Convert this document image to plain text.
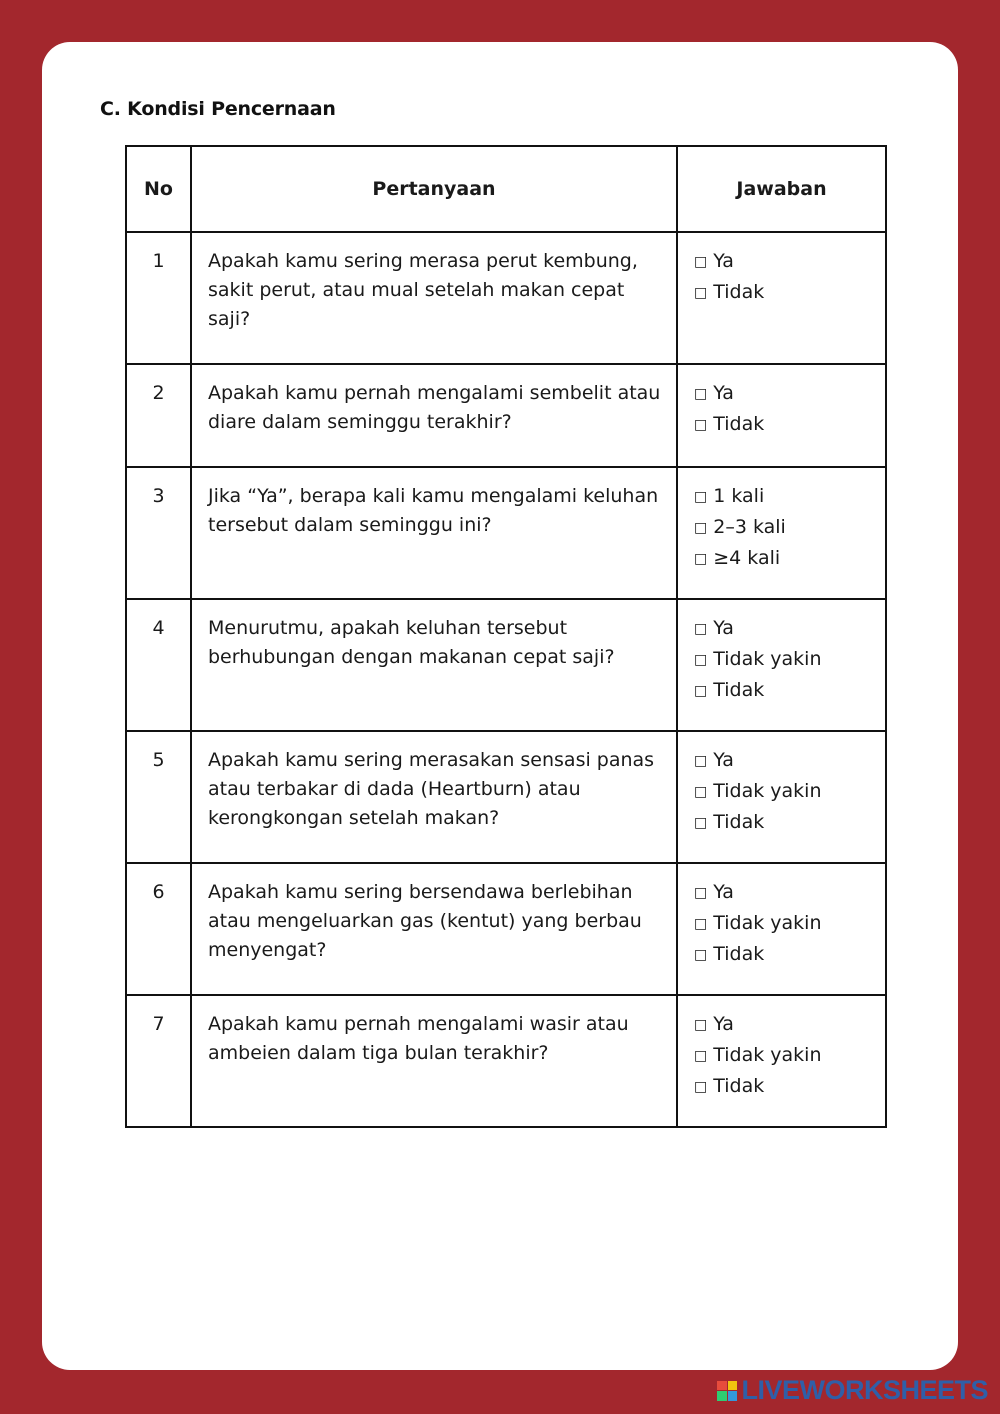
C. Kondisi Pencernaan
No	Pertanyaan	Jawaban
1	Apakah kamu sering merasa perut kembung, sakit perut, atau mual setelah makan cepat saji?	□ Ya
□ Tidak

2	Apakah kamu pernah mengalami sembelit atau diare dalam seminggu terakhir?	□ Ya
□ Tidak

3	Jika “Ya”, berapa kali kamu mengalami keluhan tersebut dalam seminggu ini?	□ 1 kali
□ 2–3 kali
□ ≥4 kali

4	Menurutmu, apakah keluhan tersebut berhubungan dengan makanan cepat saji?	□ Ya
□ Tidak yakin
□ Tidak

5	Apakah kamu sering merasakan sensasi panas atau terbakar di dada (Heartburn) atau kerongkongan setelah makan?	□ Ya
□ Tidak yakin
□ Tidak

6	Apakah kamu sering bersendawa berlebihan atau mengeluarkan gas (kentut) yang berbau menyengat?	□ Ya
□ Tidak yakin
□ Tidak

7	Apakah kamu pernah mengalami wasir atau ambeien dalam tiga bulan terakhir?	□ Ya
□ Tidak yakin
□ Tidak
LIVEWORKSHEETS
